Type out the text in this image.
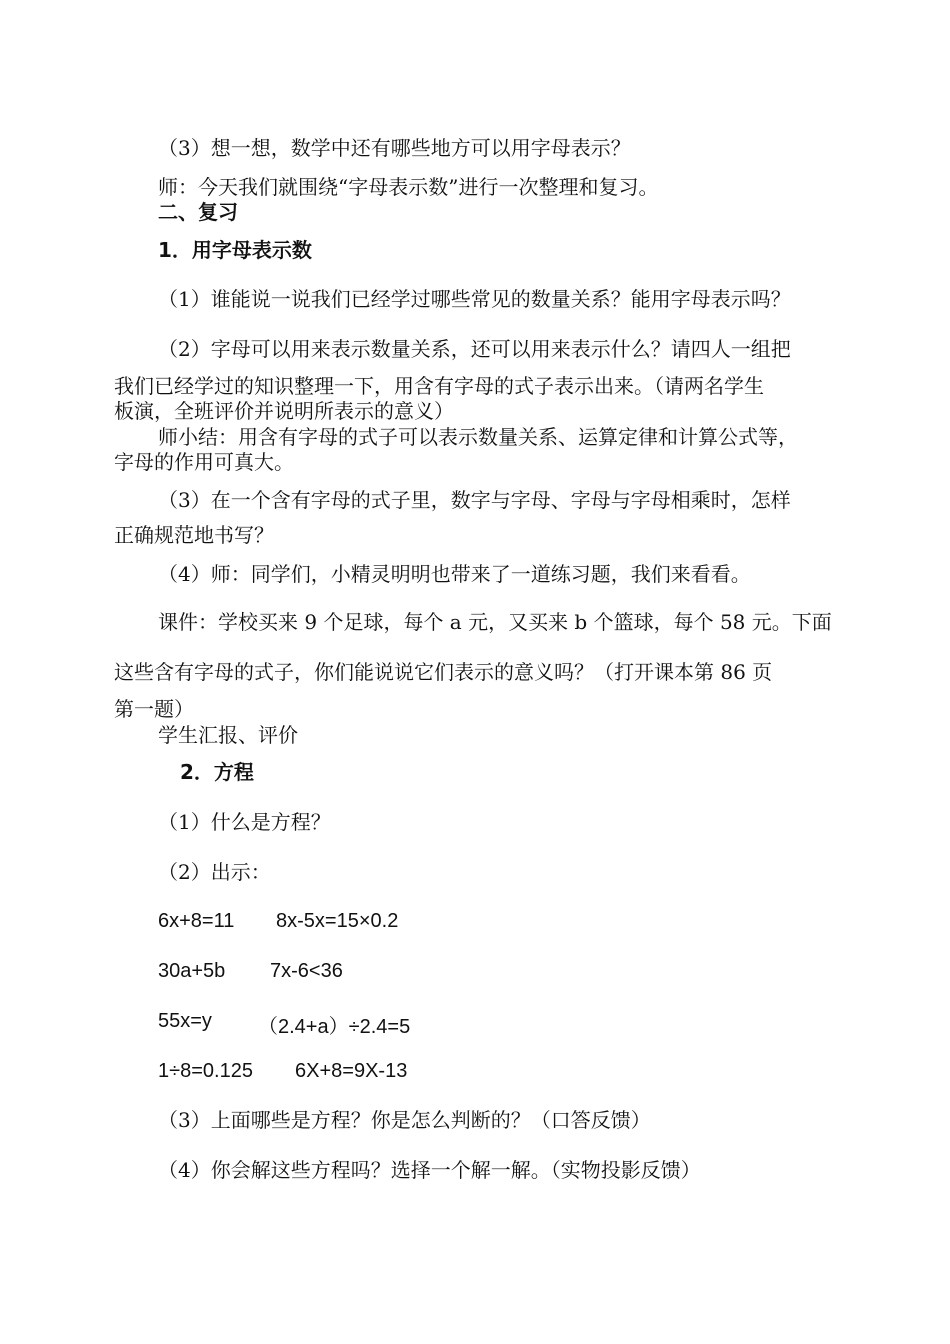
（3）想一想，数学中还有哪些地方可以用字母表示？
师：今天我们就围绕“字母表示数”进行一次整理和复习。
二、复习
1．用字母表示数
（1）谁能说一说我们已经学过哪些常见的数量关系？能用字母表示吗？
（2）字母可以用来表示数量关系，还可以用来表示什么？请四人一组把
我们已经学过的知识整理一下，用含有字母的式子表示出来。（请两名学生
板演，全班评价并说明所表示的意义）
师小结：用含有字母的式子可以表示数量关系、运算定律和计算公式等，
字母的作用可真大。
（3）在一个含有字母的式子里，数字与字母、字母与字母相乘时，怎样
正确规范地书写？
（4）师：同学们，小精灵明明也带来了一道练习题，我们来看看。
课件：学校买来 9 个足球，每个 a 元，又买来 b 个篮球，每个 58 元。下面
这些含有字母的式子，你们能说说它们表示的意义吗？（打开课本第 86 页
第一题）
学生汇报、评价
2．方程
（1）什么是方程？
（2）出示：
6x+8=11 8x-5x=15×0.2
30a+5b 7x-6<36
55x=y （2.4+a）÷2.4=5
1÷8=0.125 6X+8=9X-13
（3）上面哪些是方程？你是怎么判断的？（口答反馈）
（4）你会解这些方程吗？选择一个解一解。（实物投影反馈）
